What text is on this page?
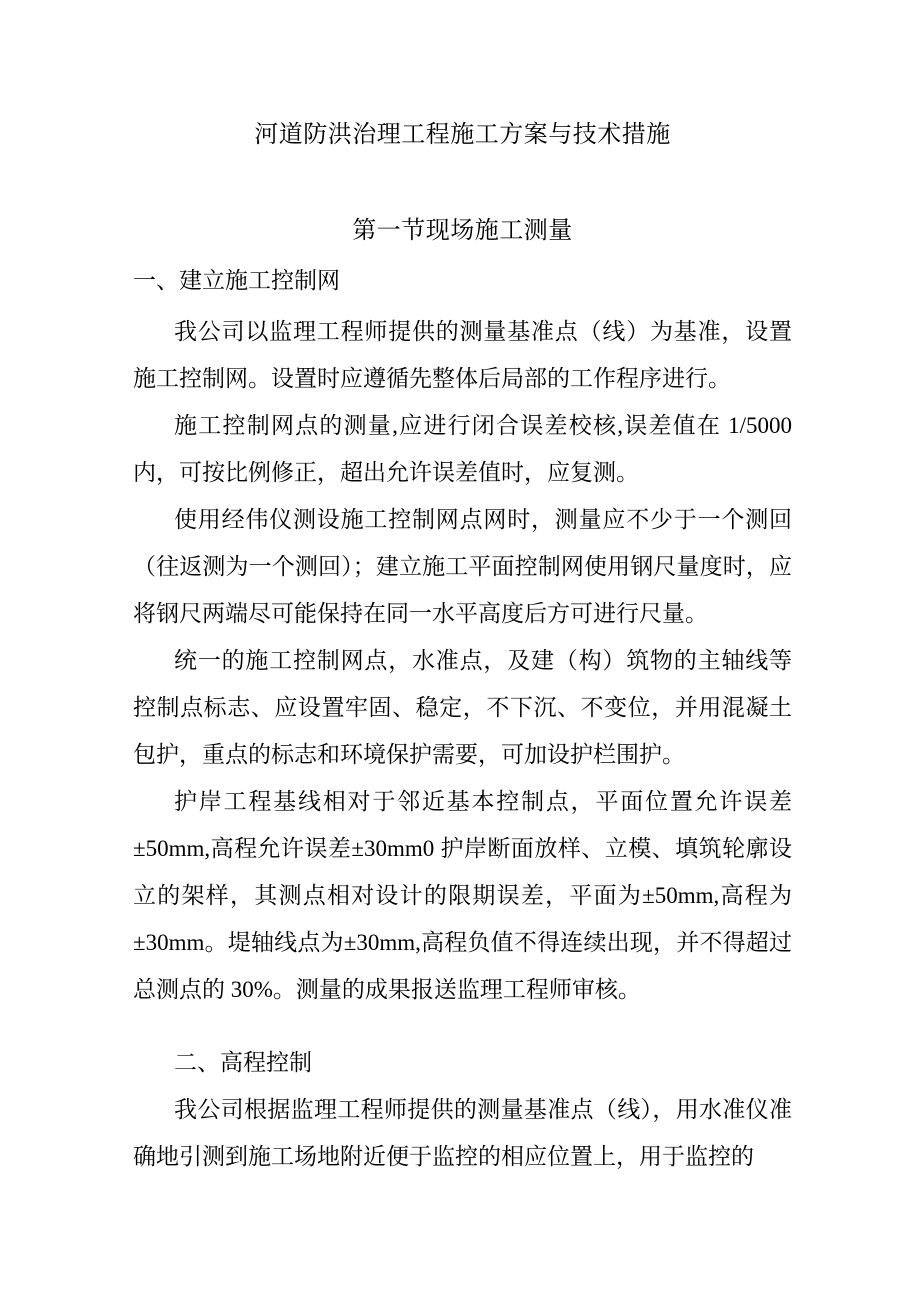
河道防洪治理工程施工方案与技术措施
第一节现场施工测量
一、建立施工控制网

我公司以监理工程师提供的测量基准点（线）为基准，设置施工控制网。设置时应遵循先整体后局部的工作程序进行。

施工控制网点的测量,应进行闭合误差校核,误差值在 1/5000 内，可按比例修正，超出允许误差值时，应复测。

使用经伟仪测设施工控制网点网时，测量应不少于一个测回（往返测为一个测回）；建立施工平面控制网使用钢尺量度时，应将钢尺两端尽可能保持在同一水平高度后方可进行尺量。

统一的施工控制网点，水准点，及建（构）筑物的主轴线等控制点标志、应设置牢固、稳定，不下沉、不变位，并用混凝土包护，重点的标志和环境保护需要，可加设护栏围护。

护岸工程基线相对于邻近基本控制点，平面位置允许误差±50mm,高程允许误差±30mm0 护岸断面放样、立模、填筑轮廓设立的架样，其测点相对设计的限期误差，平面为±50mm,高程为±30mm。堤轴线点为±30mm,高程负值不得连续出现，并不得超过总测点的 30%。测量的成果报送监理工程师审核。

二、高程控制

我公司根据监理工程师提供的测量基准点（线），用水准仪准确地引测到施工场地附近便于监控的相应位置上，用于监控的
